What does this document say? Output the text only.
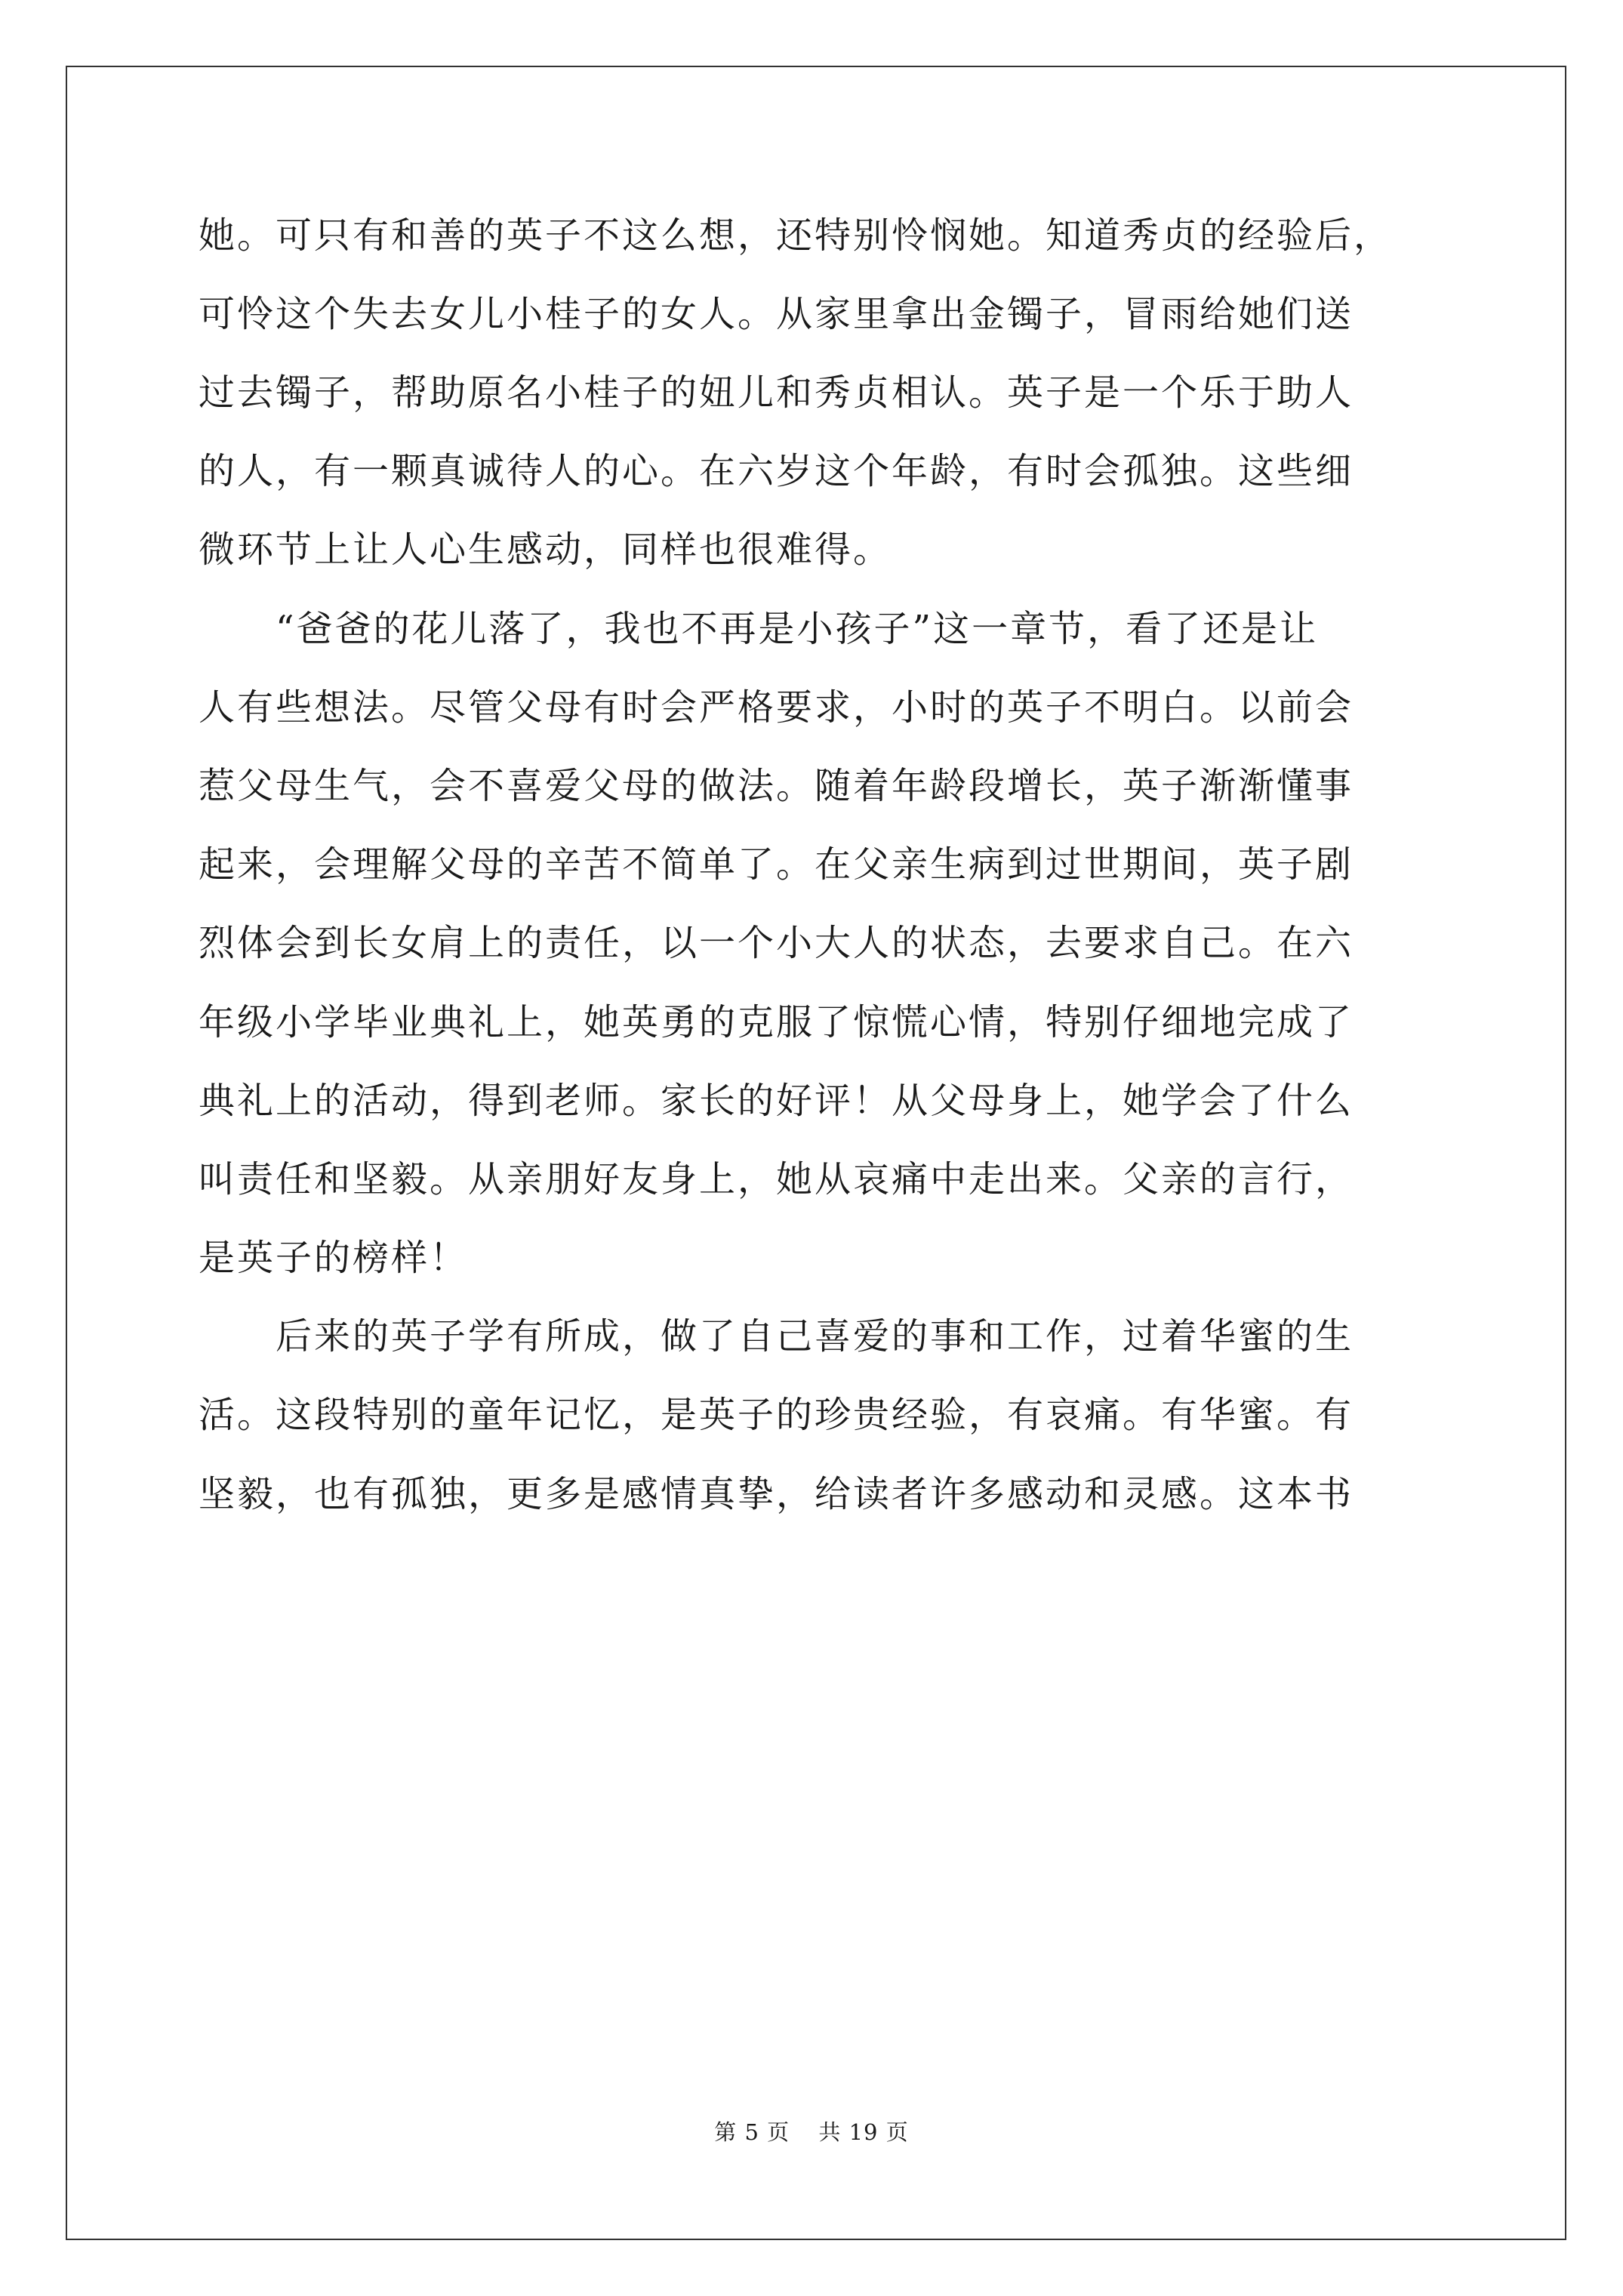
她。可只有和善的英子不这么想，还特别怜悯她。知道秀贞的经验后，
可怜这个失去女儿小桂子的女人。从家里拿出金镯子，冒雨给她们送
过去镯子，帮助原名小桂子的妞儿和秀贞相认。英子是一个乐于助人
的人，有一颗真诚待人的心。在六岁这个年龄，有时会孤独。这些细
微环节上让人心生感动，同样也很难得。
　　“爸爸的花儿落了，我也不再是小孩子”这一章节，看了还是让
人有些想法。尽管父母有时会严格要求，小时的英子不明白。以前会
惹父母生气，会不喜爱父母的做法。随着年龄段增长，英子渐渐懂事
起来，会理解父母的辛苦不简单了。在父亲生病到过世期间，英子剧
烈体会到长女肩上的责任，以一个小大人的状态，去要求自己。在六
年级小学毕业典礼上，她英勇的克服了惊慌心情，特别仔细地完成了
典礼上的活动，得到老师。家长的好评！从父母身上，她学会了什么
叫责任和坚毅。从亲朋好友身上，她从哀痛中走出来。父亲的言行，
是英子的榜样！
　　后来的英子学有所成，做了自己喜爱的事和工作，过着华蜜的生
活。这段特别的童年记忆，是英子的珍贵经验，有哀痛。有华蜜。有
坚毅，也有孤独，更多是感情真挚，给读者许多感动和灵感。这本书
第 5 页 共 19 页
